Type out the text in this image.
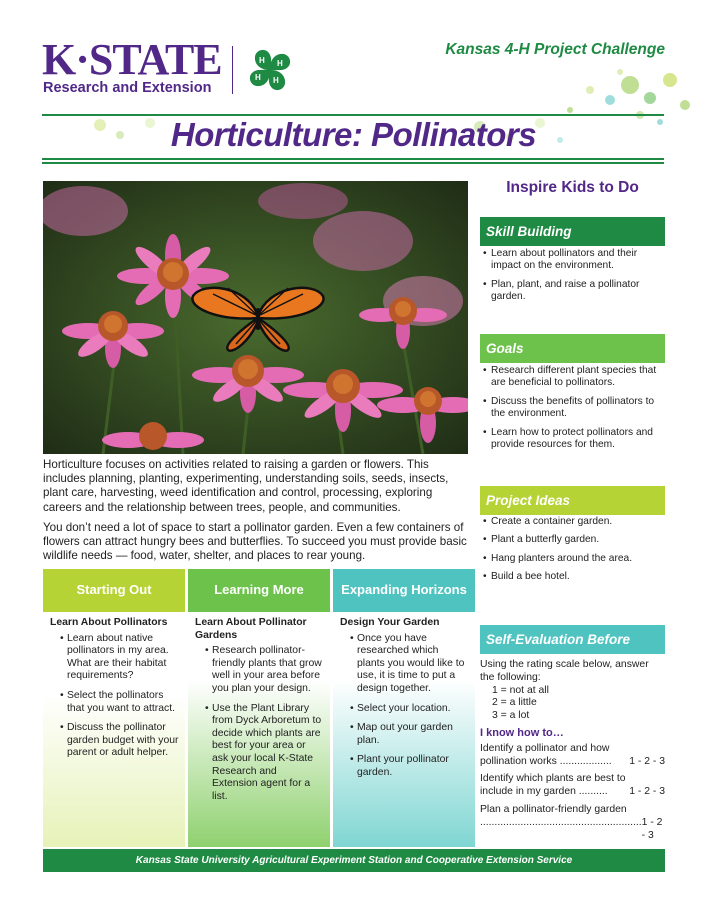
K·STATE
Research and Extension
H H
H
H
Kansas 4-H Project Challenge
Horticulture: Pollinators

Horticulture focuses on activities related to raising a garden or flowers. This includes planning, planting, experimenting, understanding soils, seeds, insects, plant care, harvesting, weed identification and control, processing, exploring careers and the relationship between trees, people, and communities.

You don’t need a lot of space to start a pollinator garden. Even a few containers of flowers can attract hungry bees and butterflies. To succeed you must provide basic wildlife needs — food, water, shelter, and places to rear young.

Starting Out
Learn About Pollinators
• Learn about native pollinators in my area. What are their habitat requirements?
• Select the pollinators that you want to attract.
• Discuss the pollinator garden budget with your parent or adult helper.
Learning More
Learn About Pollinator Gardens
• Research pollinator-friendly plants that grow well in your area before you plan your design.
• Use the Plant Library from Dyck Arboretum to decide which plants are best for your area or ask your local K-State Research and Extension agent for a list.
Expanding Horizons
Design Your Garden
• Once you have researched which plants you would like to use, it is time to put a design together.
• Select your location.
• Map out your garden plan.
• Plant your pollinator garden.
Inspire Kids to Do
Skill Building
• Learn about pollinators and their impact on the environment.
• Plan, plant, and raise a pollinator garden.
Goals
• Research different plant species that are beneficial to pollinators.
• Discuss the benefits of pollinators to the environment.
• Learn how to protect pollinators and provide resources for them.
Project Ideas
• Create a container garden.
• Plant a butterfly garden.
• Hang planters around the area.
• Build a bee hotel.
Self-Evaluation Before
Using the rating scale below, answer the following:
1 = not at all
2 = a little
3 = a lot
I know how to…
Identify a pollinator and how
pollination works .................. 1 - 2 - 3
Identify which plants are best to
include in my garden .......... 1 - 2 - 3
Plan a pollinator-friendly garden
........................................................ 1 - 2 - 3
Kansas State University Agricultural Experiment Station and Cooperative Extension Service
